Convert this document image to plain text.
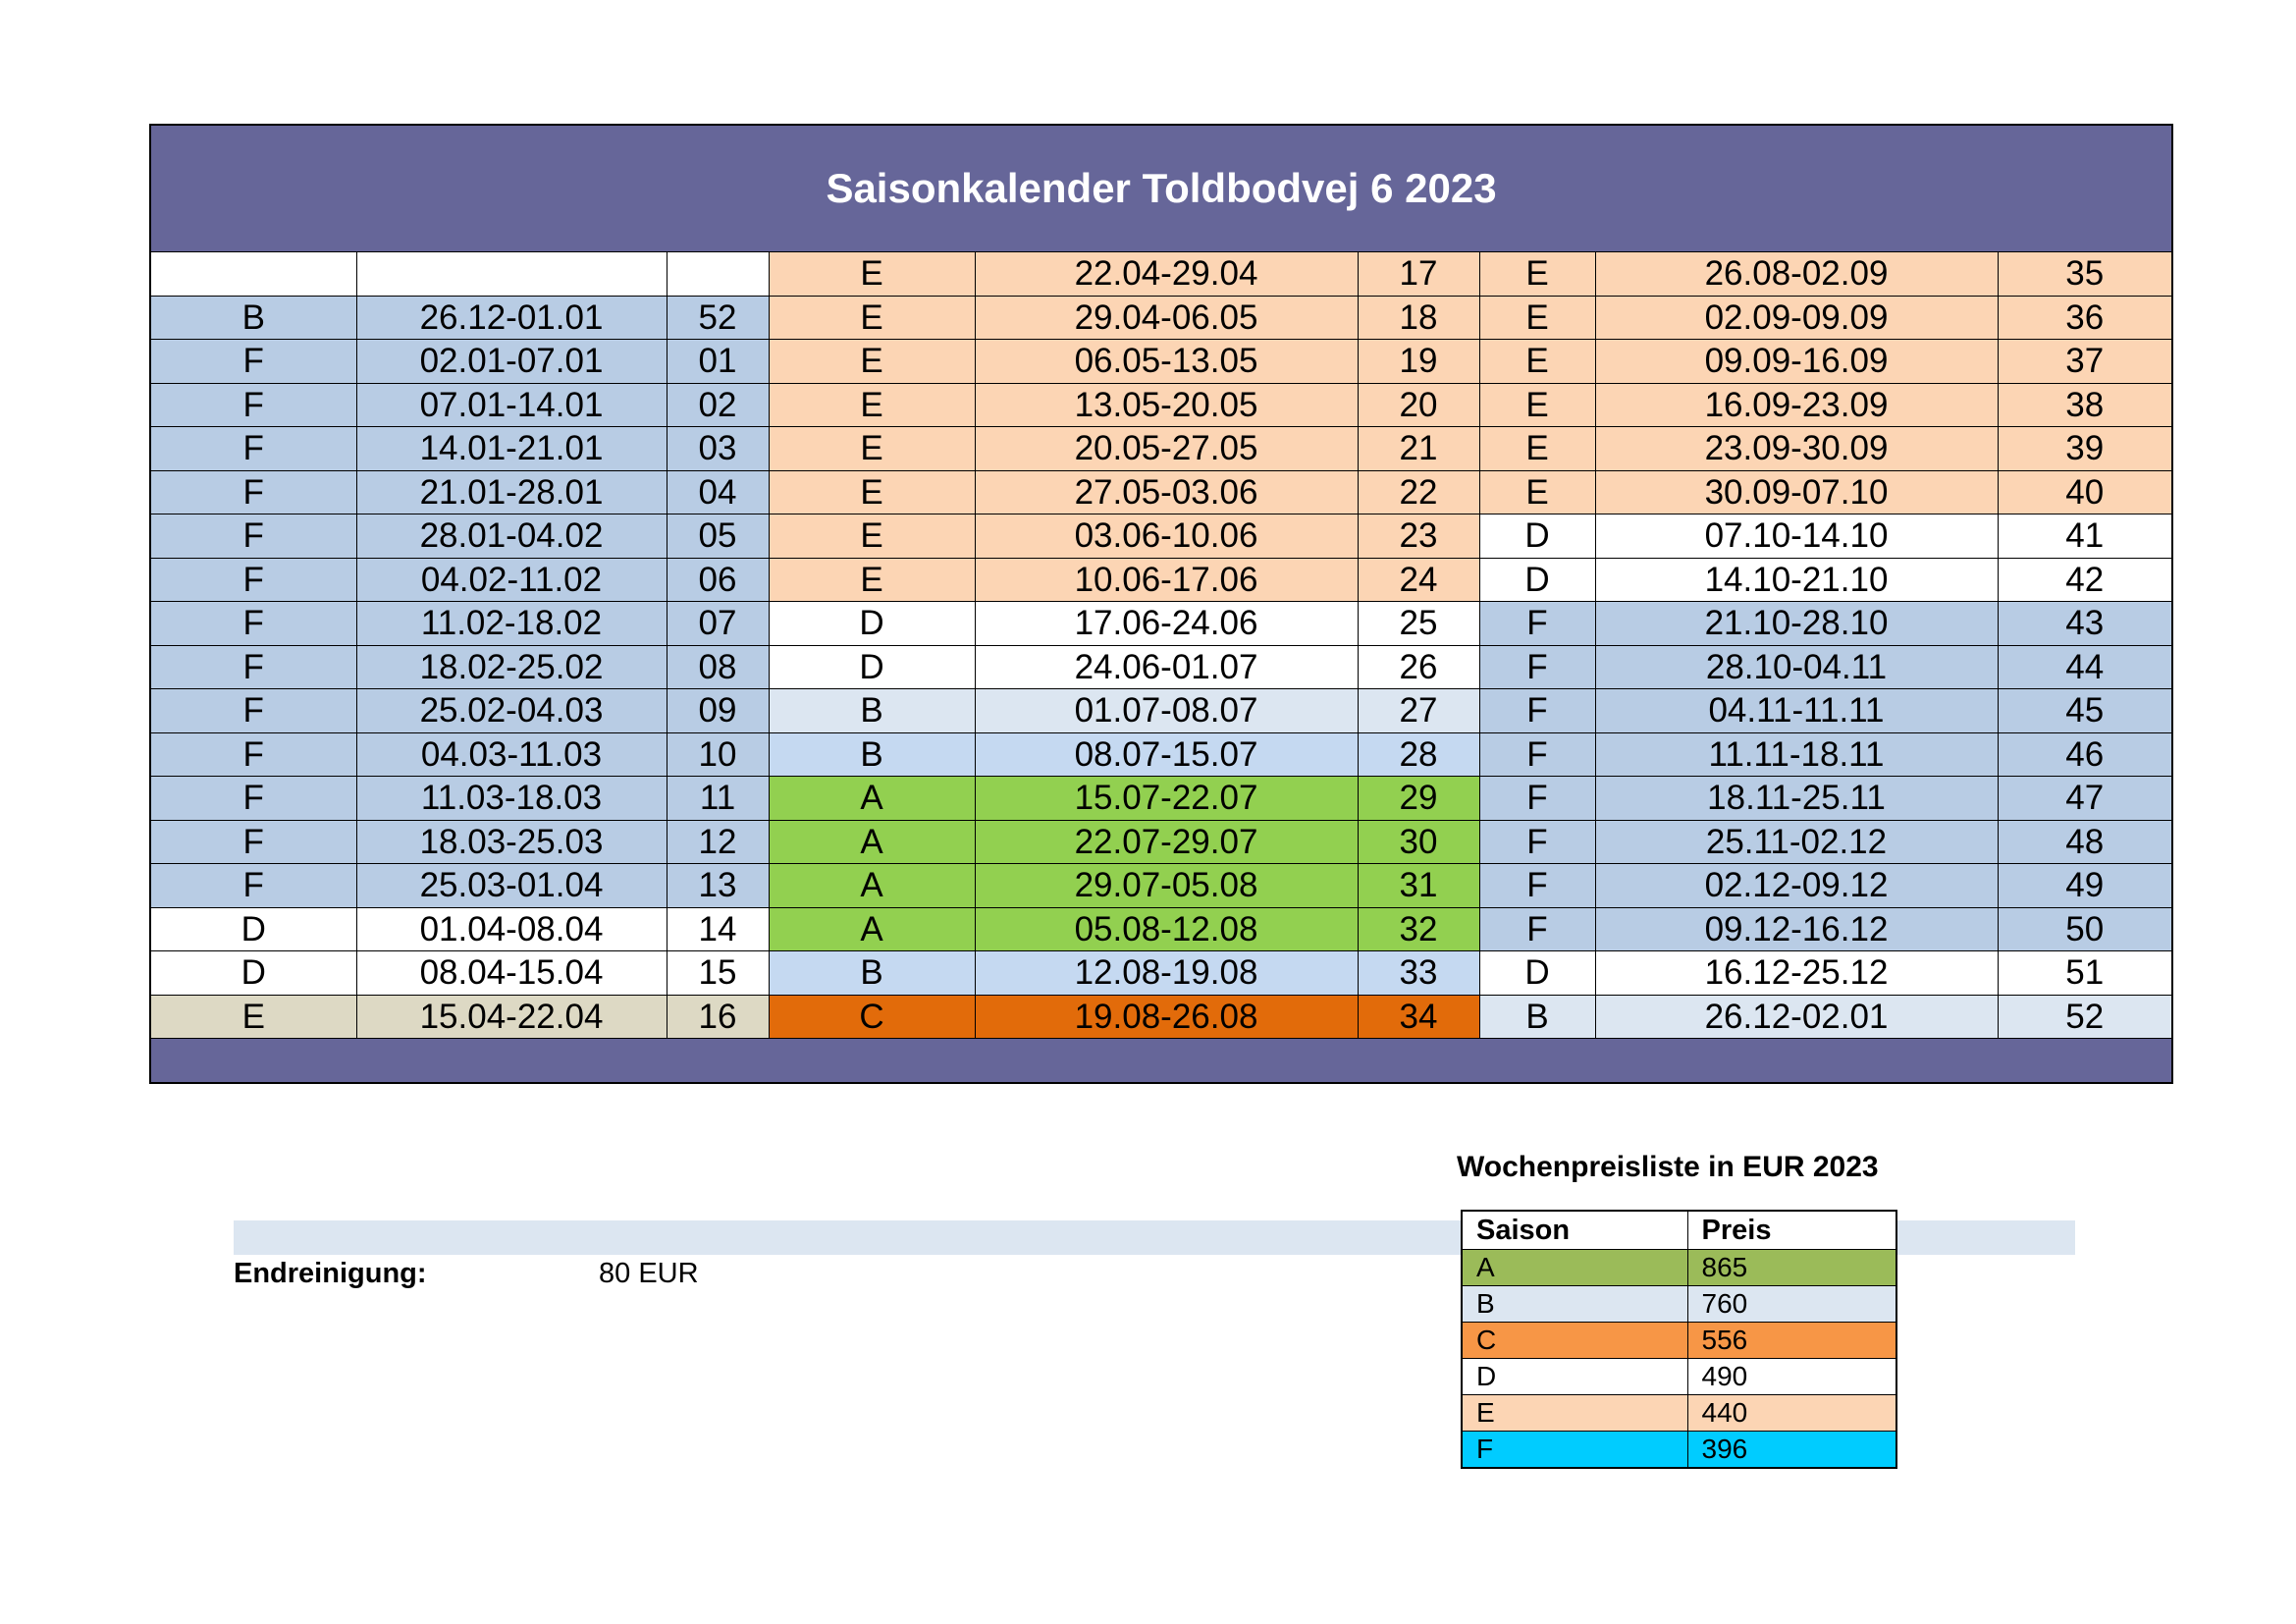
Saisonkalender Toldbodvej 6 2023								
			E	22.04-29.04	17	E	26.08-02.09	35
B	26.12-01.01	52	E	29.04-06.05	18	E	02.09-09.09	36
F	02.01-07.01	01	E	06.05-13.05	19	E	09.09-16.09	37
F	07.01-14.01	02	E	13.05-20.05	20	E	16.09-23.09	38
F	14.01-21.01	03	E	20.05-27.05	21	E	23.09-30.09	39
F	21.01-28.01	04	E	27.05-03.06	22	E	30.09-07.10	40
F	28.01-04.02	05	E	03.06-10.06	23	D	07.10-14.10	41
F	04.02-11.02	06	E	10.06-17.06	24	D	14.10-21.10	42
F	11.02-18.02	07	D	17.06-24.06	25	F	21.10-28.10	43
F	18.02-25.02	08	D	24.06-01.07	26	F	28.10-04.11	44
F	25.02-04.03	09	B	01.07-08.07	27	F	04.11-11.11	45
F	04.03-11.03	10	B	08.07-15.07	28	F	11.11-18.11	46
F	11.03-18.03	11	A	15.07-22.07	29	F	18.11-25.11	47
F	18.03-25.03	12	A	22.07-29.07	30	F	25.11-02.12	48
F	25.03-01.04	13	A	29.07-05.08	31	F	02.12-09.12	49
D	01.04-08.04	14	A	05.08-12.08	32	F	09.12-16.12	50
D	08.04-15.04	15	B	12.08-19.08	33	D	16.12-25.12	51
E	15.04-22.04	16	C	19.08-26.08	34	B	26.12-02.01	52

Wochenpreisliste in EUR 2023
Endreinigung:	80 EUR
Saison	Preis
A	865
B	760
C	556
D	490
E	440
F	396
